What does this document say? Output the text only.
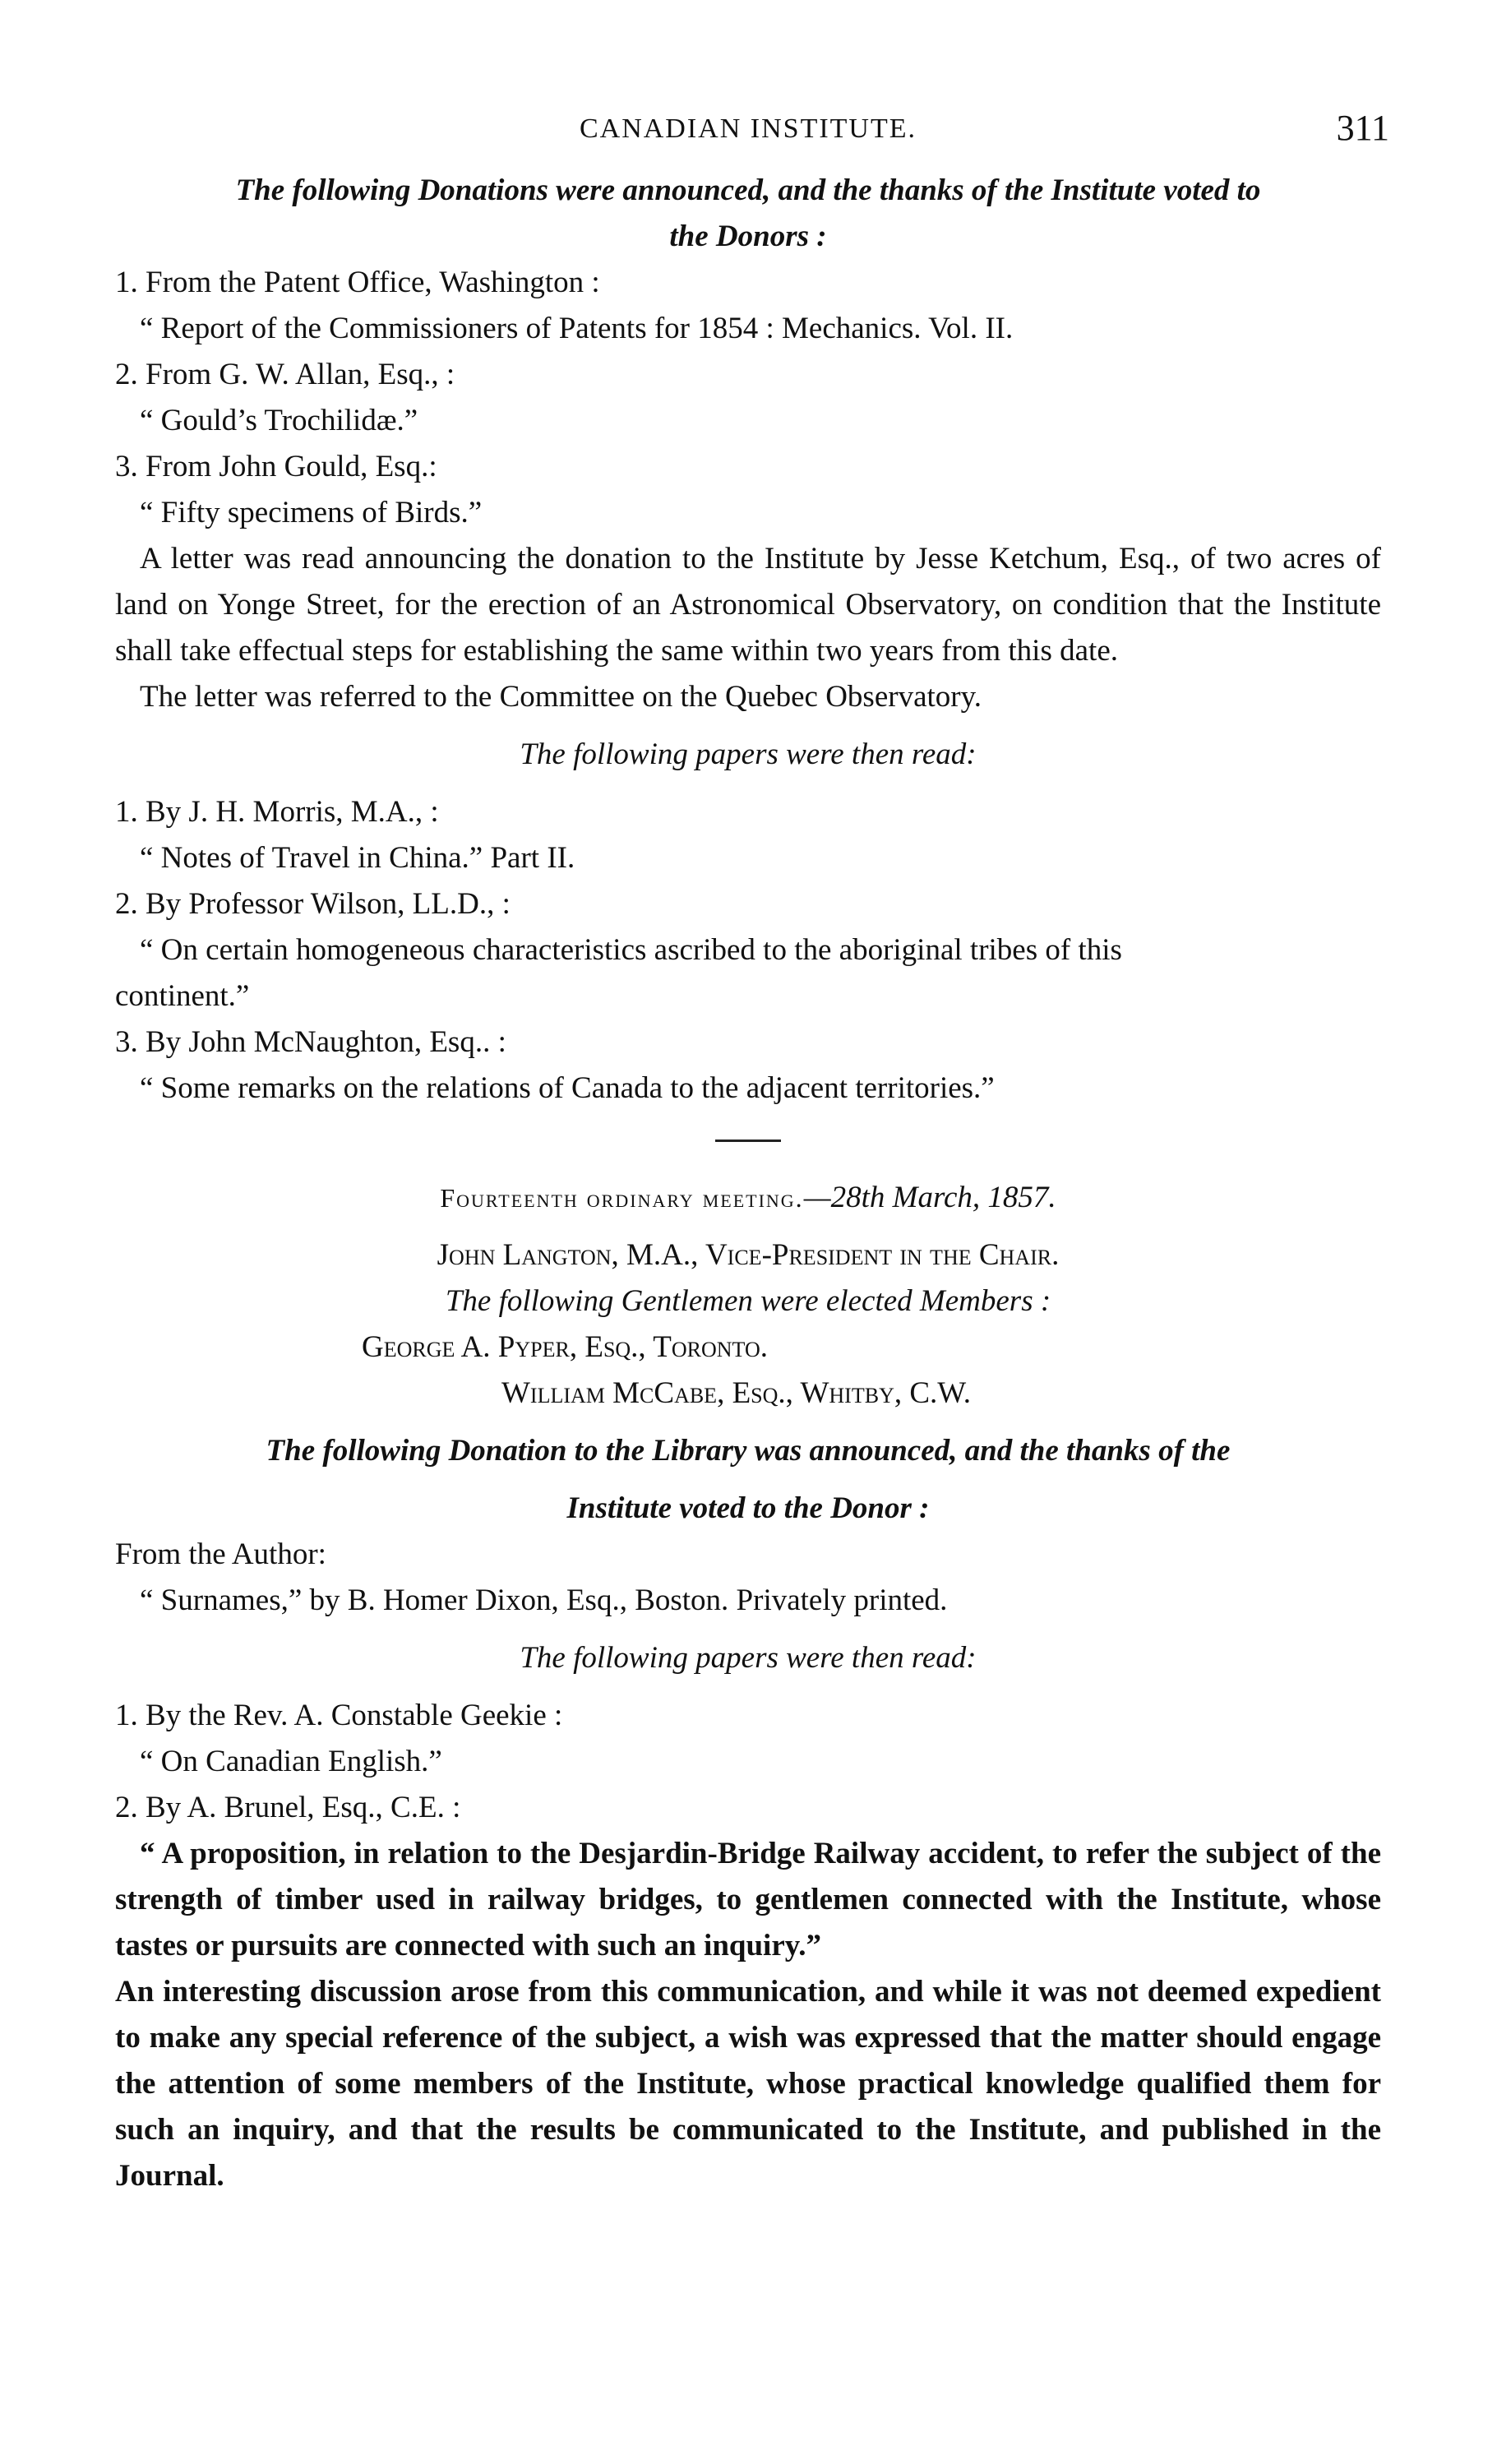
CANADIAN INSTITUTE.	311
The following Donations were announced, and the thanks of the Institute voted to
the Donors :
1. From the Patent Office, Washington :
“ Report of the Commissioners of Patents for 1854 : Mechanics. Vol. II.
2. From G. W. Allan, Esq., :
“ Gould’s Trochilidæ.”
3. From John Gould, Esq.:
“ Fifty specimens of Birds.”

A letter was read announcing the donation to the Institute by Jesse Ketchum, Esq., of two acres of land on Yonge Street, for the erection of an Astronomical Observatory, on condition that the Institute shall take effectual steps for establishing the same within two years from this date.

The letter was referred to the Committee on the Quebec Observatory.
The following papers were then read:
1. By J. H. Morris, M.A., :
“ Notes of Travel in China.” Part II.
2. By Professor Wilson, LL.D., :
“ On certain homogeneous characteristics ascribed to the aboriginal tribes of this
continent.”
3. By John McNaughton, Esq.. :
“ Some remarks on the relations of Canada to the adjacent territories.”
Fourteenth ordinary meeting.—28th March, 1857.
John Langton, M.A., Vice-President in the Chair.
The following Gentlemen were elected Members :
George A. Pyper, Esq., Toronto.
William McCabe, Esq., Whitby, C.W.
The following Donation to the Library was announced, and the thanks of the
Institute voted to the Donor :
From the Author:
“ Surnames,” by B. Homer Dixon, Esq., Boston. Privately printed.
The following papers were then read:
1. By the Rev. A. Constable Geekie :
“ On Canadian English.”
2. By A. Brunel, Esq., C.E. :

“ A proposition, in relation to the Desjardin-Bridge Railway accident, to refer the subject of the strength of timber used in railway bridges, to gentlemen connected with the Institute, whose tastes or pursuits are connected with such an inquiry.”

An interesting discussion arose from this communication, and while it was not deemed expedient to make any special reference of the subject, a wish was expressed that the matter should engage the attention of some members of the Institute, whose practical knowledge qualified them for such an inquiry, and that the results be communicated to the Institute, and published in the Journal.
